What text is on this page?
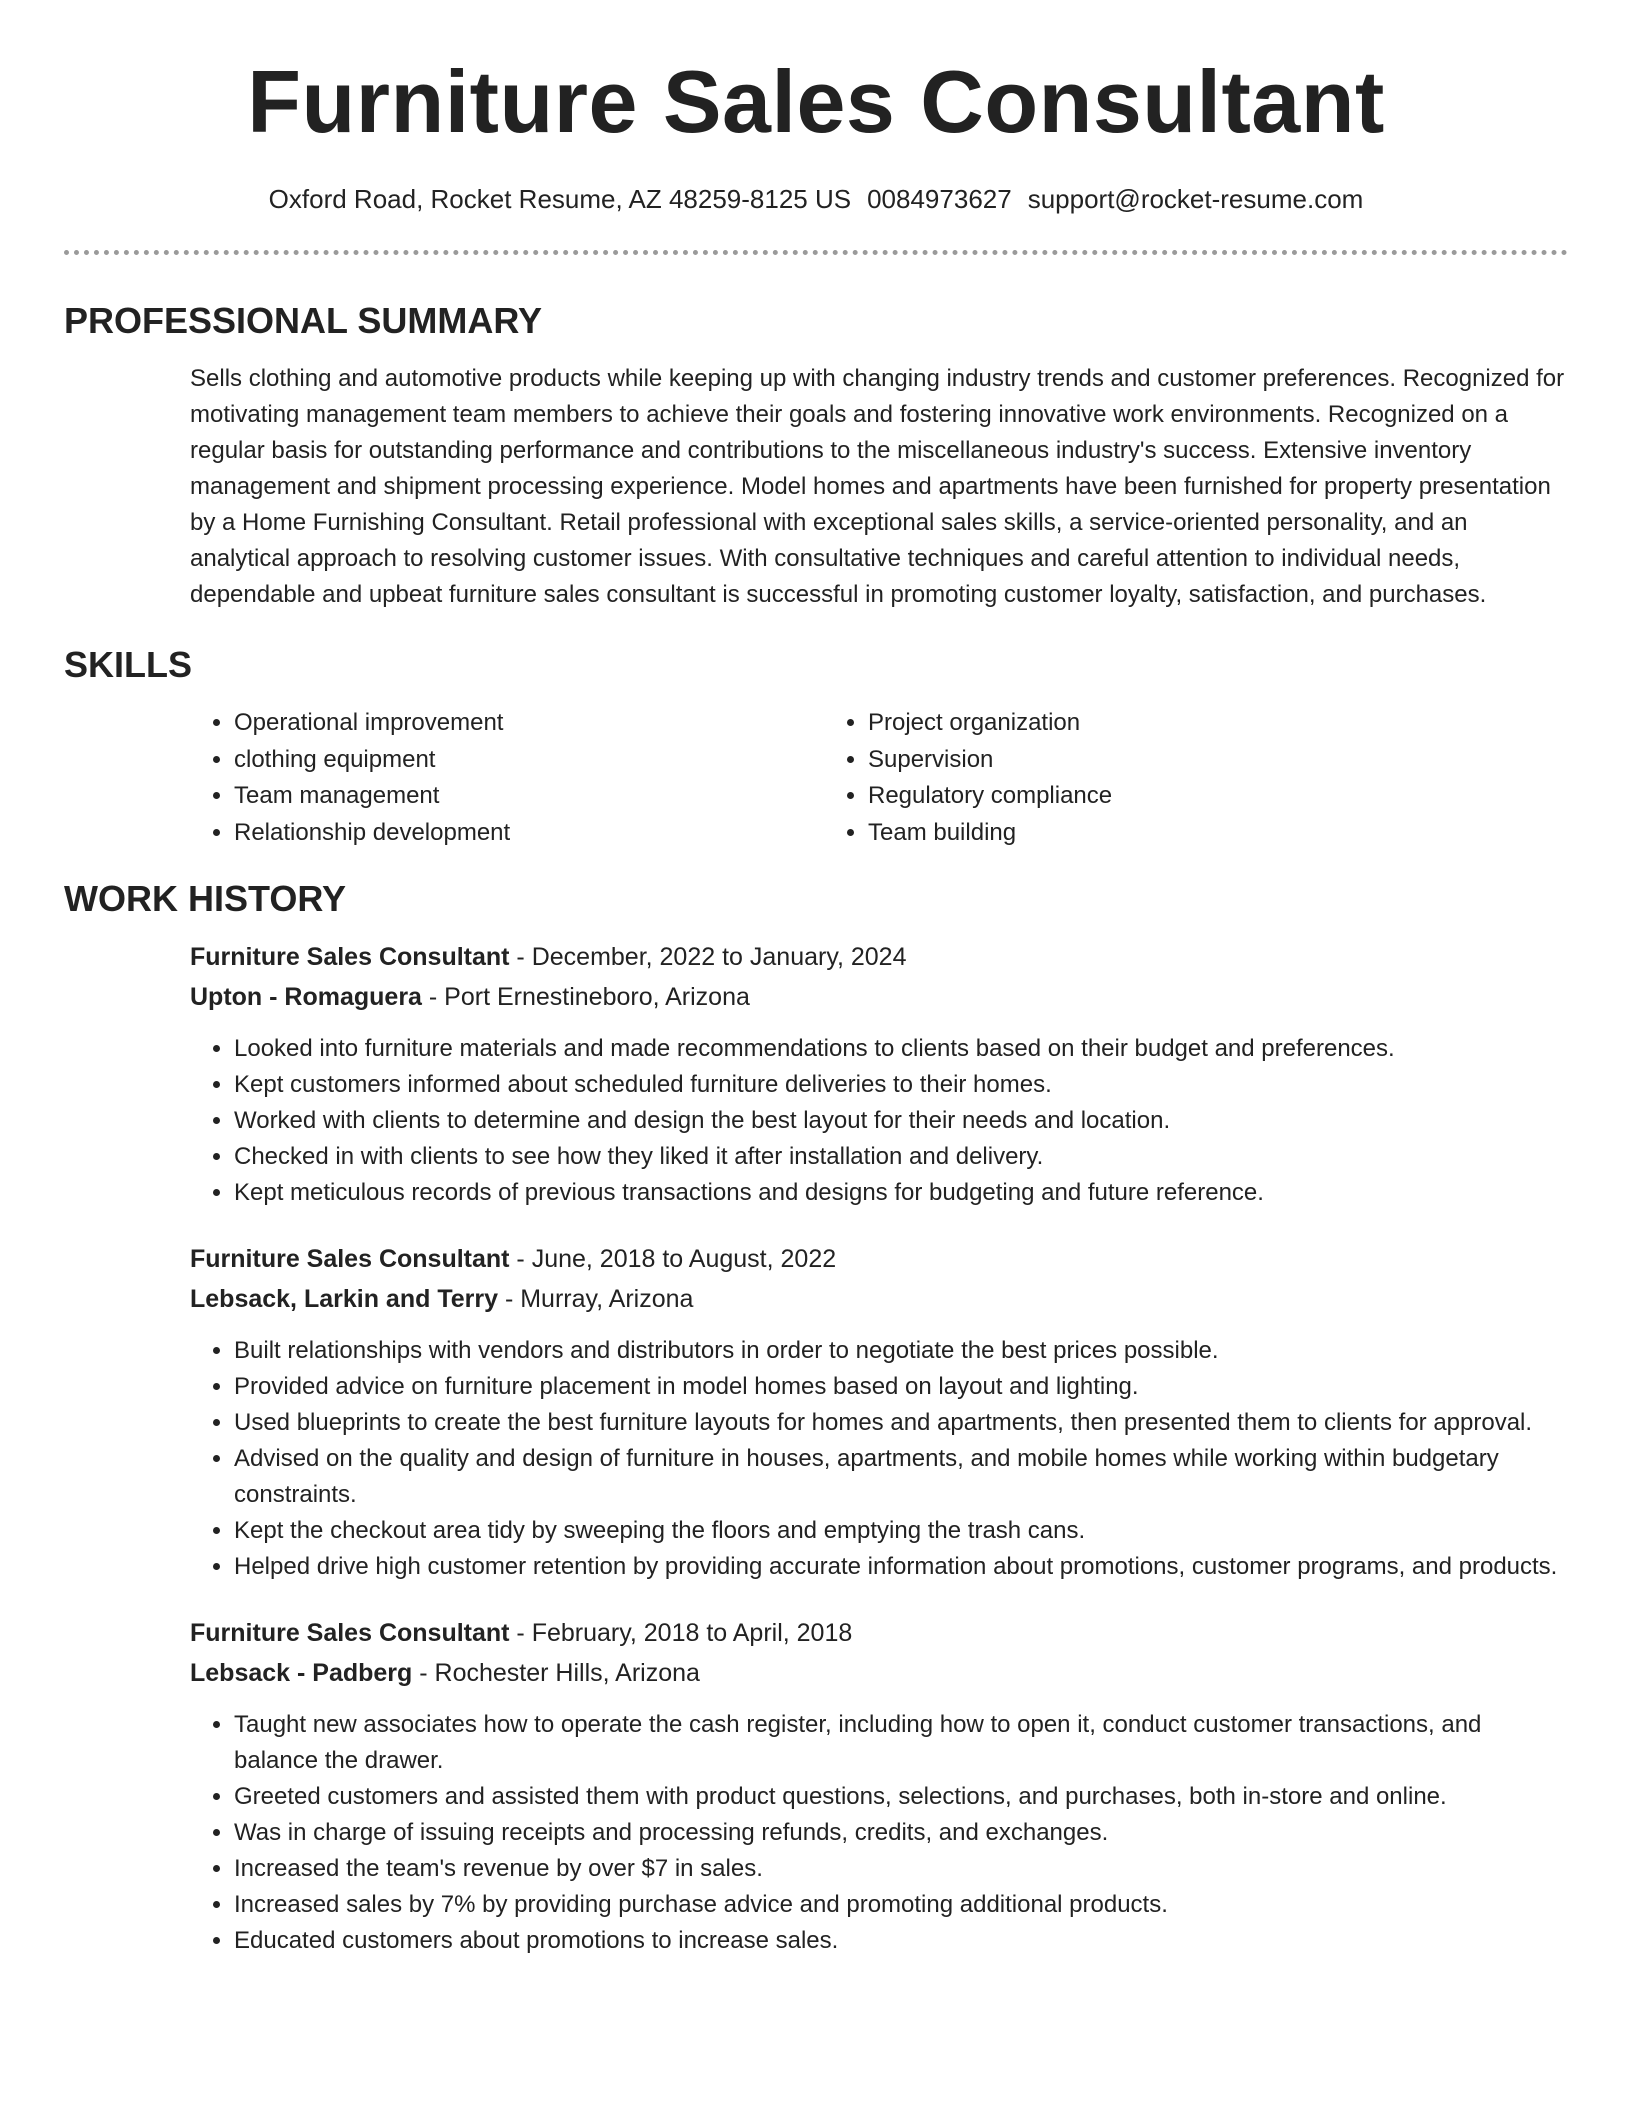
Furniture Sales Consultant
Oxford Road, Rocket Resume, AZ 48259-8125 US 0084973627 support@rocket-resume.com
PROFESSIONAL SUMMARY
Sells clothing and automotive products while keeping up with changing industry trends and customer preferences. Recognized for motivating management team members to achieve their goals and fostering innovative work environments. Recognized on a regular basis for outstanding performance and contributions to the miscellaneous industry's success. Extensive inventory management and shipment processing experience. Model homes and apartments have been furnished for property presentation by a Home Furnishing Consultant. Retail professional with exceptional sales skills, a service-oriented personality, and an analytical approach to resolving customer issues. With consultative techniques and careful attention to individual needs, dependable and upbeat furniture sales consultant is successful in promoting customer loyalty, satisfaction, and purchases.
SKILLS
• Operational improvement
• clothing equipment
• Team management
• Relationship development
• Project organization
• Supervision
• Regulatory compliance
• Team building
WORK HISTORY
Furniture Sales Consultant - December, 2022 to January, 2024
Upton - Romaguera - Port Ernestineboro, Arizona
• Looked into furniture materials and made recommendations to clients based on their budget and preferences.
• Kept customers informed about scheduled furniture deliveries to their homes.
• Worked with clients to determine and design the best layout for their needs and location.
• Checked in with clients to see how they liked it after installation and delivery.
• Kept meticulous records of previous transactions and designs for budgeting and future reference.
Furniture Sales Consultant - June, 2018 to August, 2022
Lebsack, Larkin and Terry - Murray, Arizona
• Built relationships with vendors and distributors in order to negotiate the best prices possible.
• Provided advice on furniture placement in model homes based on layout and lighting.
• Used blueprints to create the best furniture layouts for homes and apartments, then presented them to clients for approval.
• Advised on the quality and design of furniture in houses, apartments, and mobile homes while working within budgetary constraints.
• Kept the checkout area tidy by sweeping the floors and emptying the trash cans.
• Helped drive high customer retention by providing accurate information about promotions, customer programs, and products.
Furniture Sales Consultant - February, 2018 to April, 2018
Lebsack - Padberg - Rochester Hills, Arizona
• Taught new associates how to operate the cash register, including how to open it, conduct customer transactions, and balance the drawer.
• Greeted customers and assisted them with product questions, selections, and purchases, both in-store and online.
• Was in charge of issuing receipts and processing refunds, credits, and exchanges.
• Increased the team's revenue by over $7 in sales.
• Increased sales by 7% by providing purchase advice and promoting additional products.
• Educated customers about promotions to increase sales.
